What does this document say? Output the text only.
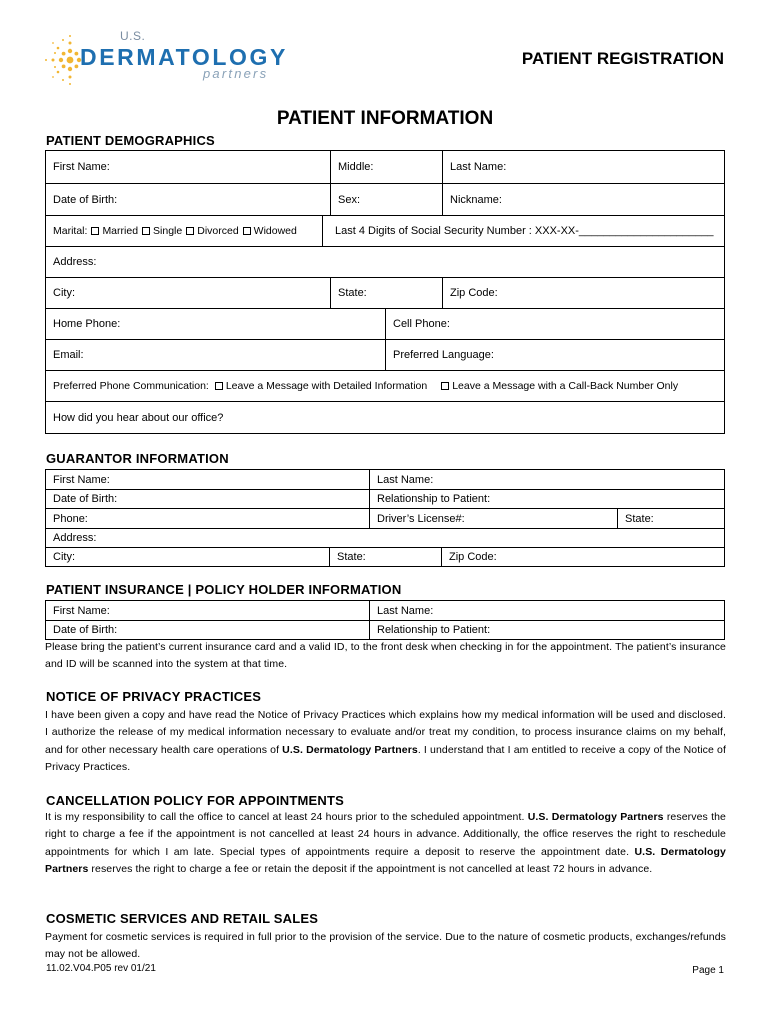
U.S.
DERMATOLOGY
partners
PATIENT REGISTRATION
PATIENT INFORMATION
PATIENT DEMOGRAPHICS
First Name:	Middle:	Last Name:
Date of Birth:	Sex:	Nickname:
Marital: Married Single Divorced Widowed	Last 4 Digits of Social Security Number : XXX-XX-______________________
Address:
City:	State:	Zip Code:
Home Phone:	Cell Phone:
Email:	Preferred Language:
Preferred Phone Communication: Leave a Message with Detailed Information Leave a Message with a Call-Back Number Only
How did you hear about our office?
GUARANTOR INFORMATION
First Name:	Last Name:
Date of Birth:	Relationship to Patient:
Phone:	Driver’s License#:	State:
Address:
City:	State:	Zip Code:
PATIENT INSURANCE | POLICY HOLDER INFORMATION
First Name:	Last Name:
Date of Birth:	Relationship to Patient:
Please bring the patient’s current insurance card and a valid ID, to the front desk when checking in for the appointment. The patient’s insurance and ID will be scanned into the system at that time.
NOTICE OF PRIVACY PRACTICES
I have been given a copy and have read the Notice of Privacy Practices which explains how my medical information will be used and disclosed. I authorize the release of my medical information necessary to evaluate and/or treat my condition, to process insurance claims on my behalf, and for other necessary health care operations of U.S. Dermatology Partners. I understand that I am entitled to receive a copy of the Notice of Privacy Practices.
CANCELLATION POLICY FOR APPOINTMENTS
It is my responsibility to call the office to cancel at least 24 hours prior to the scheduled appointment. U.S. Dermatology Partners reserves the right to charge a fee if the appointment is not cancelled at least 24 hours in advance. Additionally, the office reserves the right to reschedule appointments for which I am late. Special types of appointments require a deposit to reserve the appointment date. U.S. Dermatology Partners reserves the right to charge a fee or retain the deposit if the appointment is not cancelled at least 72 hours in advance.
COSMETIC SERVICES AND RETAIL SALES
Payment for cosmetic services is required in full prior to the provision of the service. Due to the nature of cosmetic products, exchanges/refunds may not be allowed.
11.02.V04.P05 rev 01/21	Page 1
